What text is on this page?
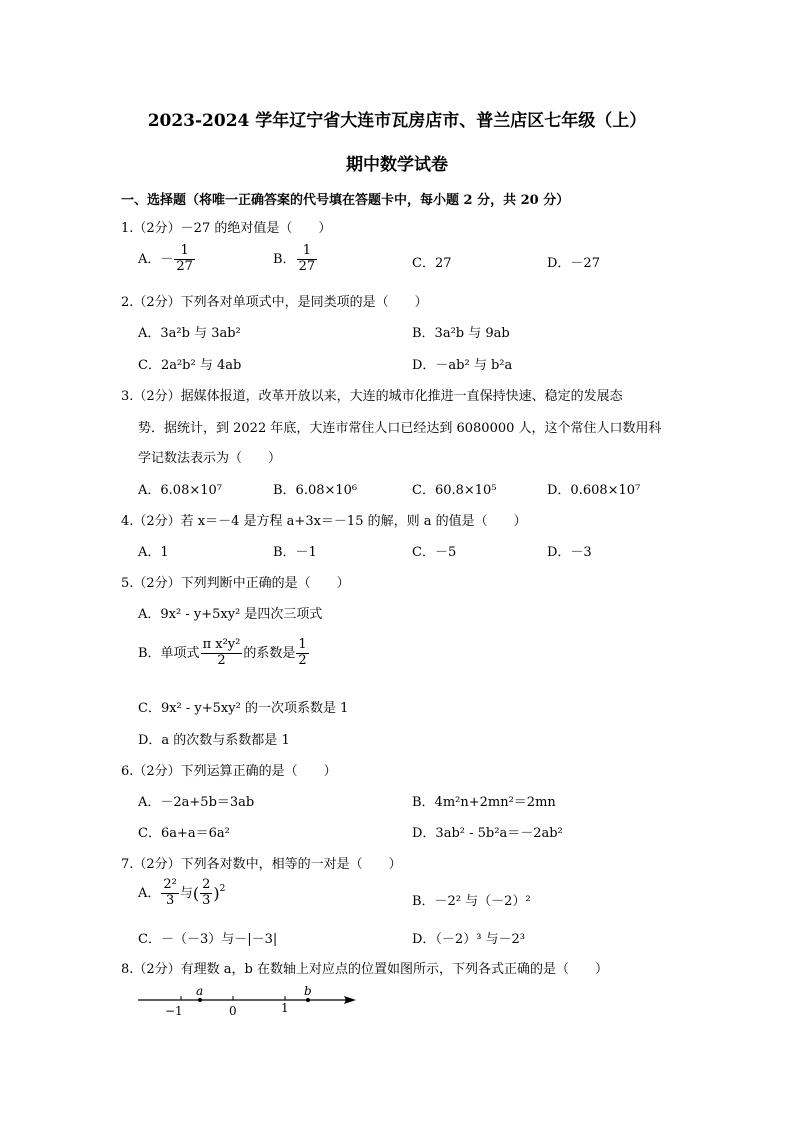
2023-2024 学年辽宁省大连市瓦房店市、普兰店区七年级（上）
期中数学试卷
一、选择题（将唯一正确答案的代号填在答题卡中，每小题 2 分，共 20 分）
1.（2分）－27 的绝对值是（　　）
A．－ $\frac{1}{27}$	B． $\frac{1}{27}$	C．27	D．－27
2.（2分）下列各对单项式中，是同类项的是（　　）
A．3a²b 与 3ab²	B．3a²b 与 9ab
C．2a²b² 与 4ab	D．－ab² 与 b²a
3.（2分）据媒体报道，改革开放以来，大连的城市化推进一直保持快速、稳定的发展态
势．据统计，到 2022 年底，大连市常住人口已经达到 6080000 人，这个常住人口数用科
学记数法表示为（　　）
A．6.08×10⁷	B．6.08×10⁶	C．60.8×10⁵	D．0.608×10⁷
4.（2分）若 x＝－4 是方程 a+3x＝－15 的解，则 a 的值是（　　）
A．1	B．－1	C．－5	D．－3
5.（2分）下列判断中正确的是（　　）
A．9x² - y+5xy² 是四次三项式
B．单项式 $\frac{\text{π x²y²}}{2}$ 的系数是 $\frac{1}{2}$
C．9x² - y+5xy² 的一次项系数是 1
D．a 的次数与系数都是 1
6.（2分）下列运算正确的是（　　）
A．－2a+5b＝3ab	B．4m²n+2mn²＝2mn
C．6a+a＝6a²	D．3ab² - 5b²a＝－2ab²
7.（2分）下列各对数中，相等的一对是（　　）
A． $\frac{\text{2²}}{3}$ 与( $\frac{2}{3} )^2$
B．－2² 与（－2）²
C．－（－3）与－|－3|	D．（－2）³ 与－2³
8.（2分）有理数 a，b 在数轴上对应点的位置如图所示，下列各式正确的是（　　）
a	b
−1	0	1
